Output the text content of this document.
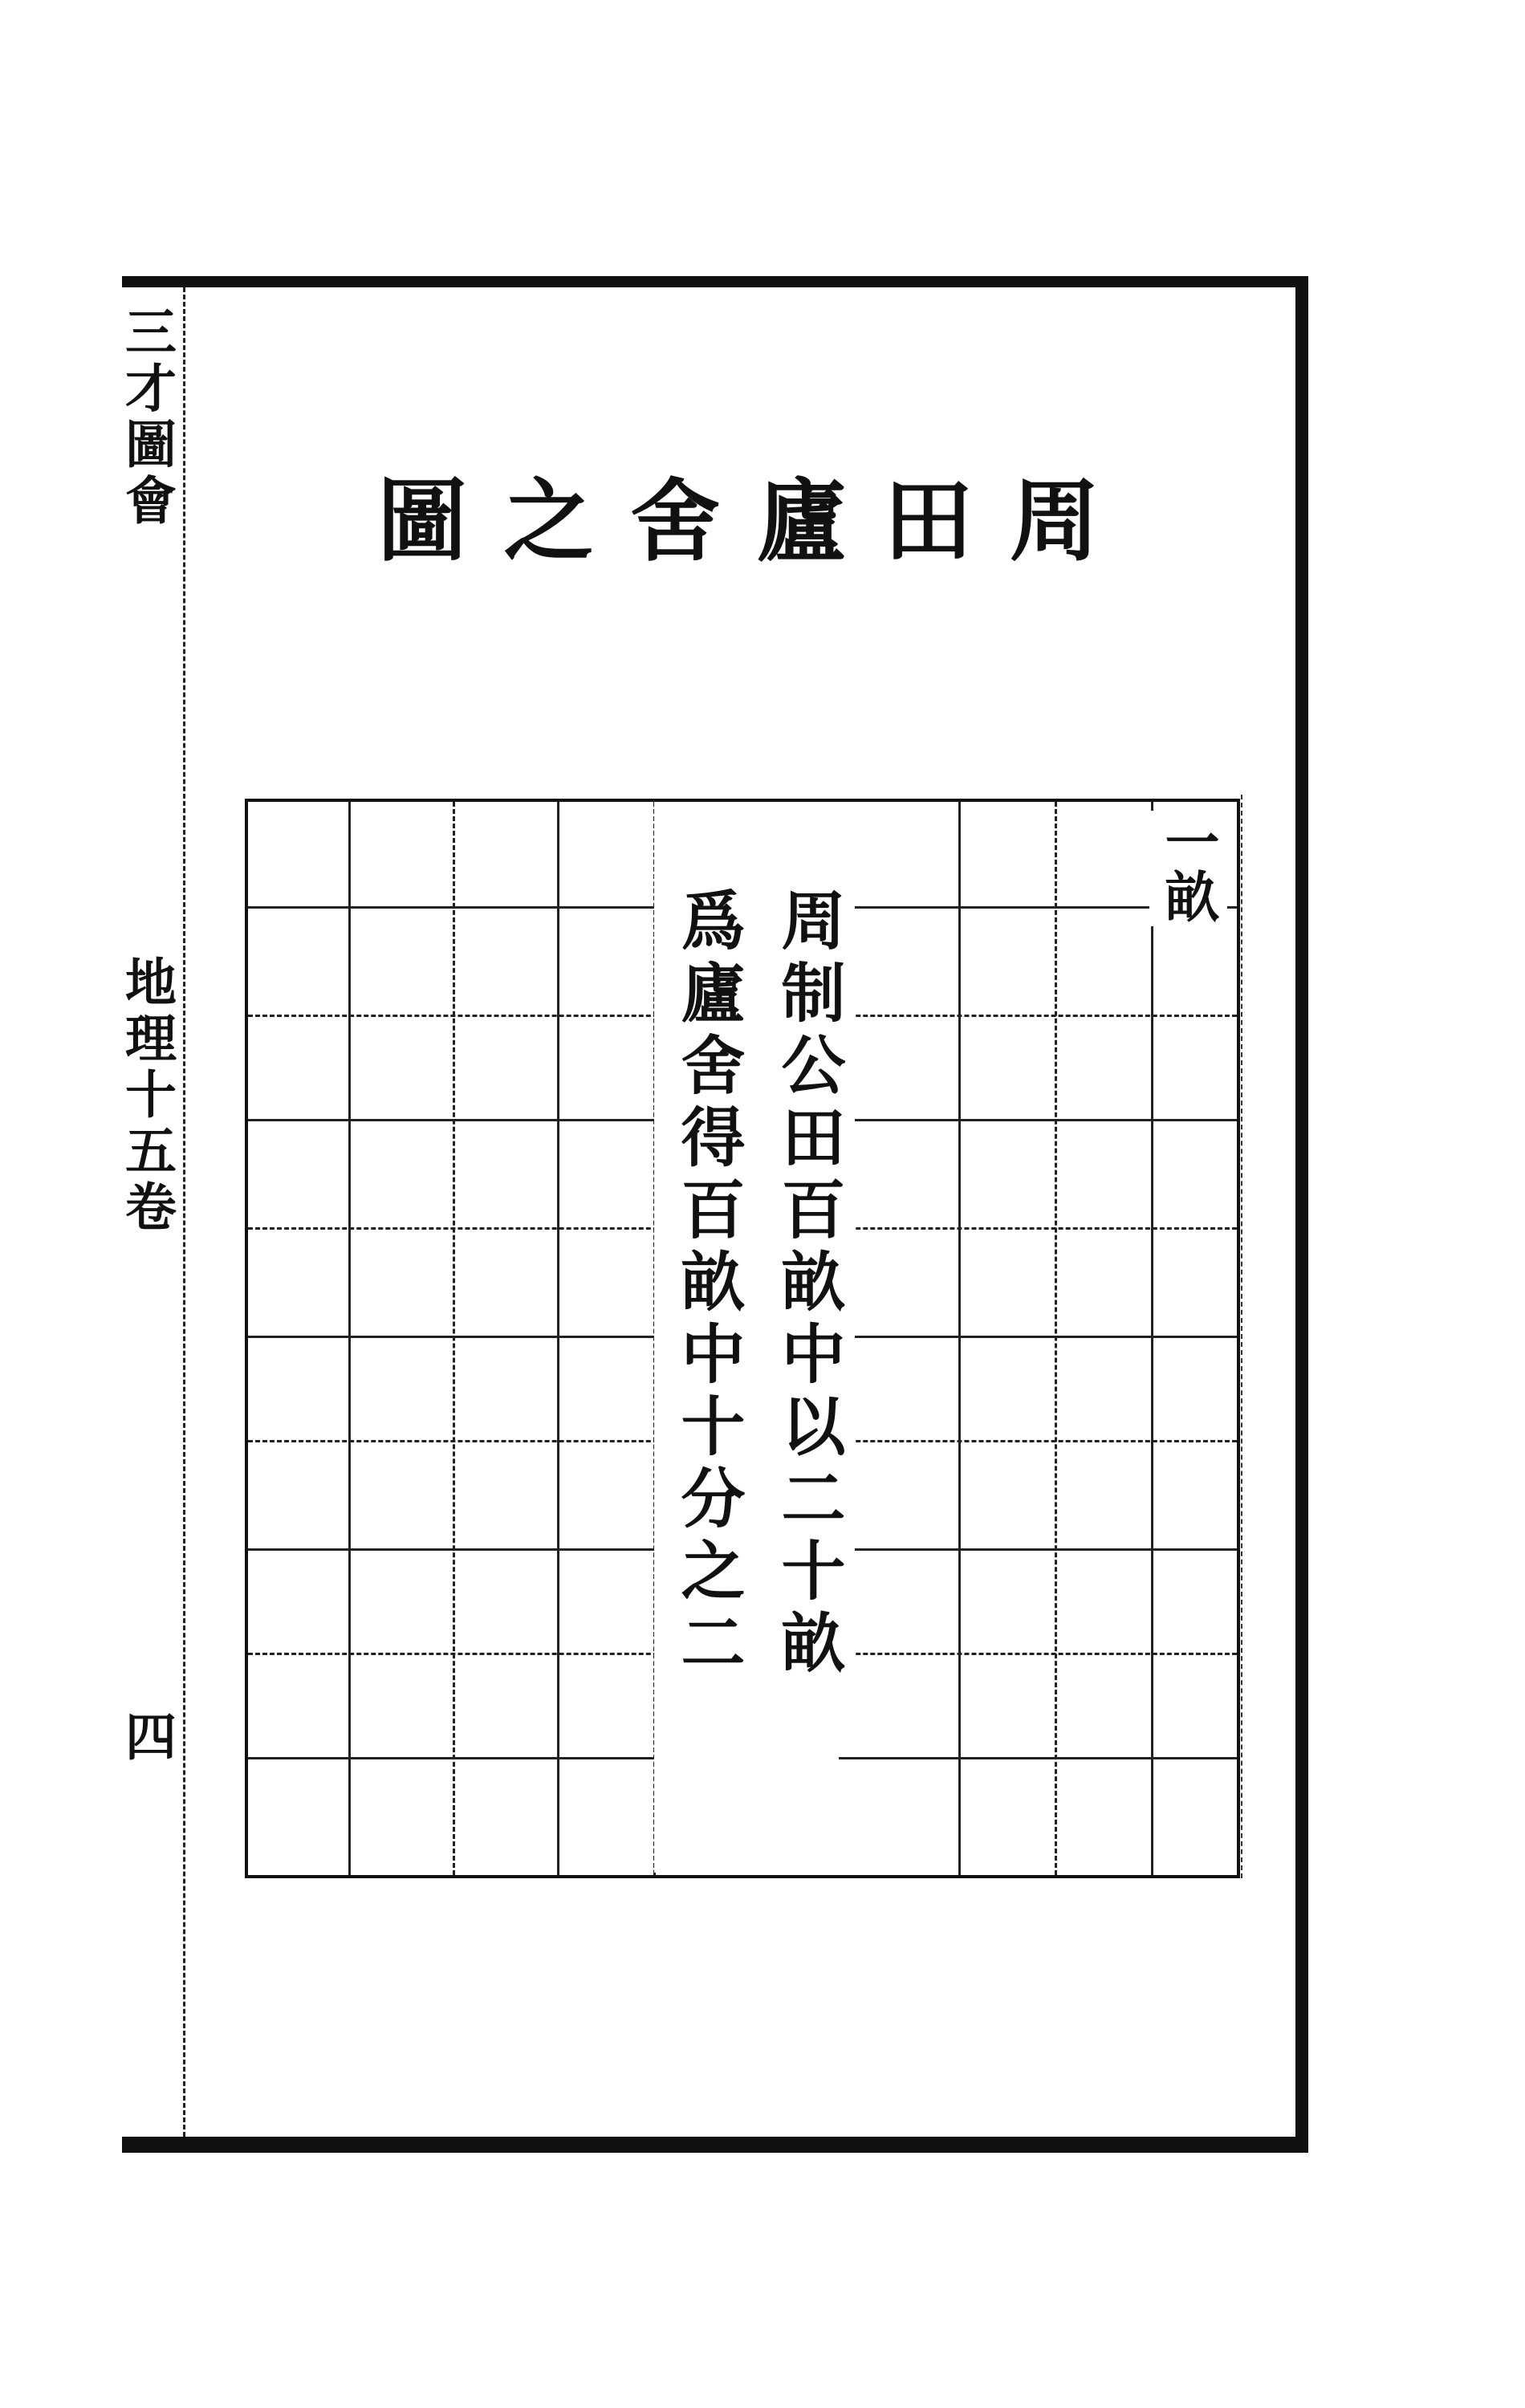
三才圖會
地理十五卷
四
周
田
廬
舍
之
圖
周制公田百畝中以二十畝
爲廬舍得百畝中十分之二
一畝
